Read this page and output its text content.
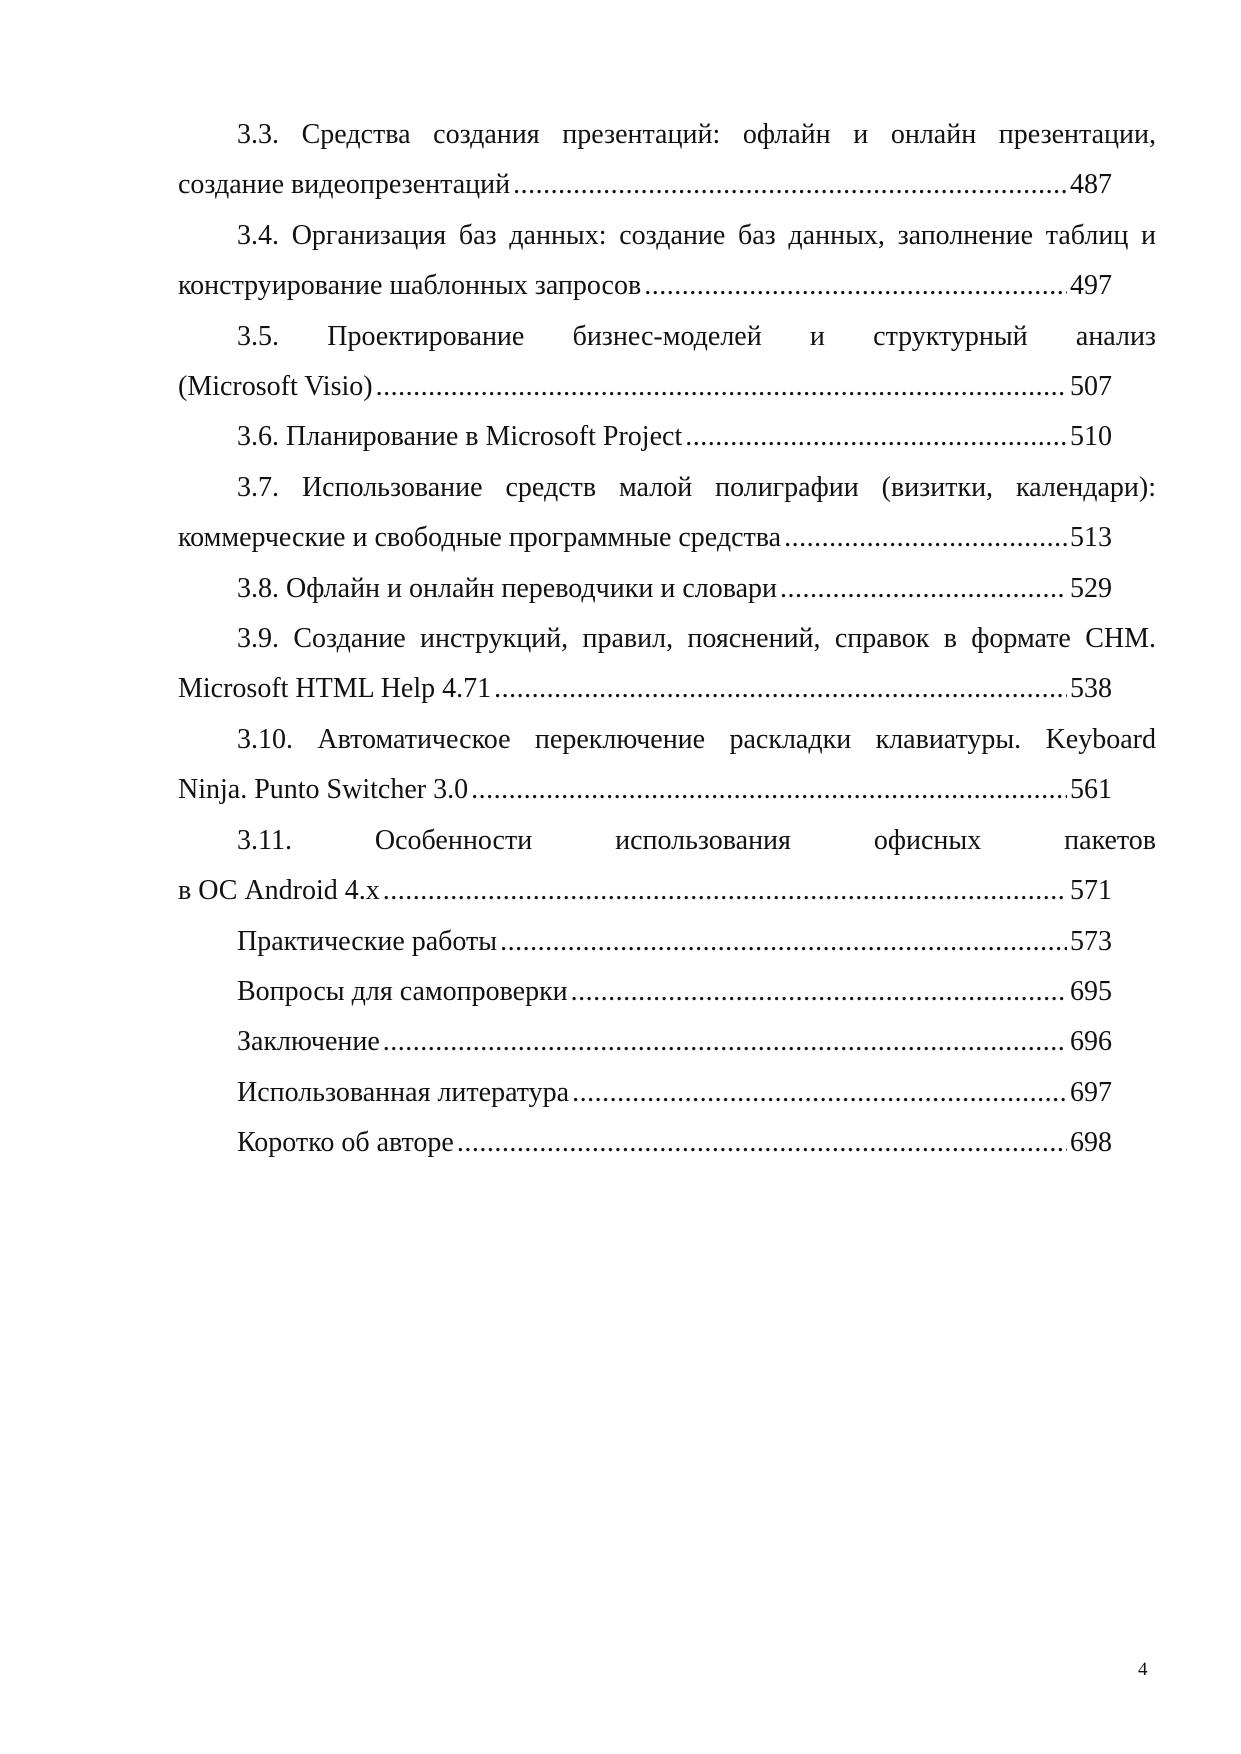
3.3. Средства создания презентаций: офлайн и онлайн презентации,
создание видеопрезентаций .....	487
3.4. Организация баз данных: создание баз данных, заполнение таблиц и
конструирование шаблонных запросов .....	497
3.5. Проектирование бизнес-моделей и структурный анализ
(Microsoft Visio) .....	507
3.6. Планирование в Microsoft Project .....	510
3.7. Использование средств малой полиграфии (визитки, календари):
коммерческие и свободные программные средства .....	513
3.8. Офлайн и онлайн переводчики и словари .....	529
3.9. Создание инструкций, правил, пояснений, справок в формате CHM.
Microsoft HTML Help 4.71 .....	538
3.10. Автоматическое переключение раскладки клавиатуры. Keyboard
Ninja. Punto Switcher 3.0 .....	561
3.11. Особенности использования офисных пакетов
в ОС Android 4.x .....	571
Практические работы .....	573
Вопросы для самопроверки .....	695
Заключение .....	696
Использованная литература .....	697
Коротко об авторе .....	698
4
